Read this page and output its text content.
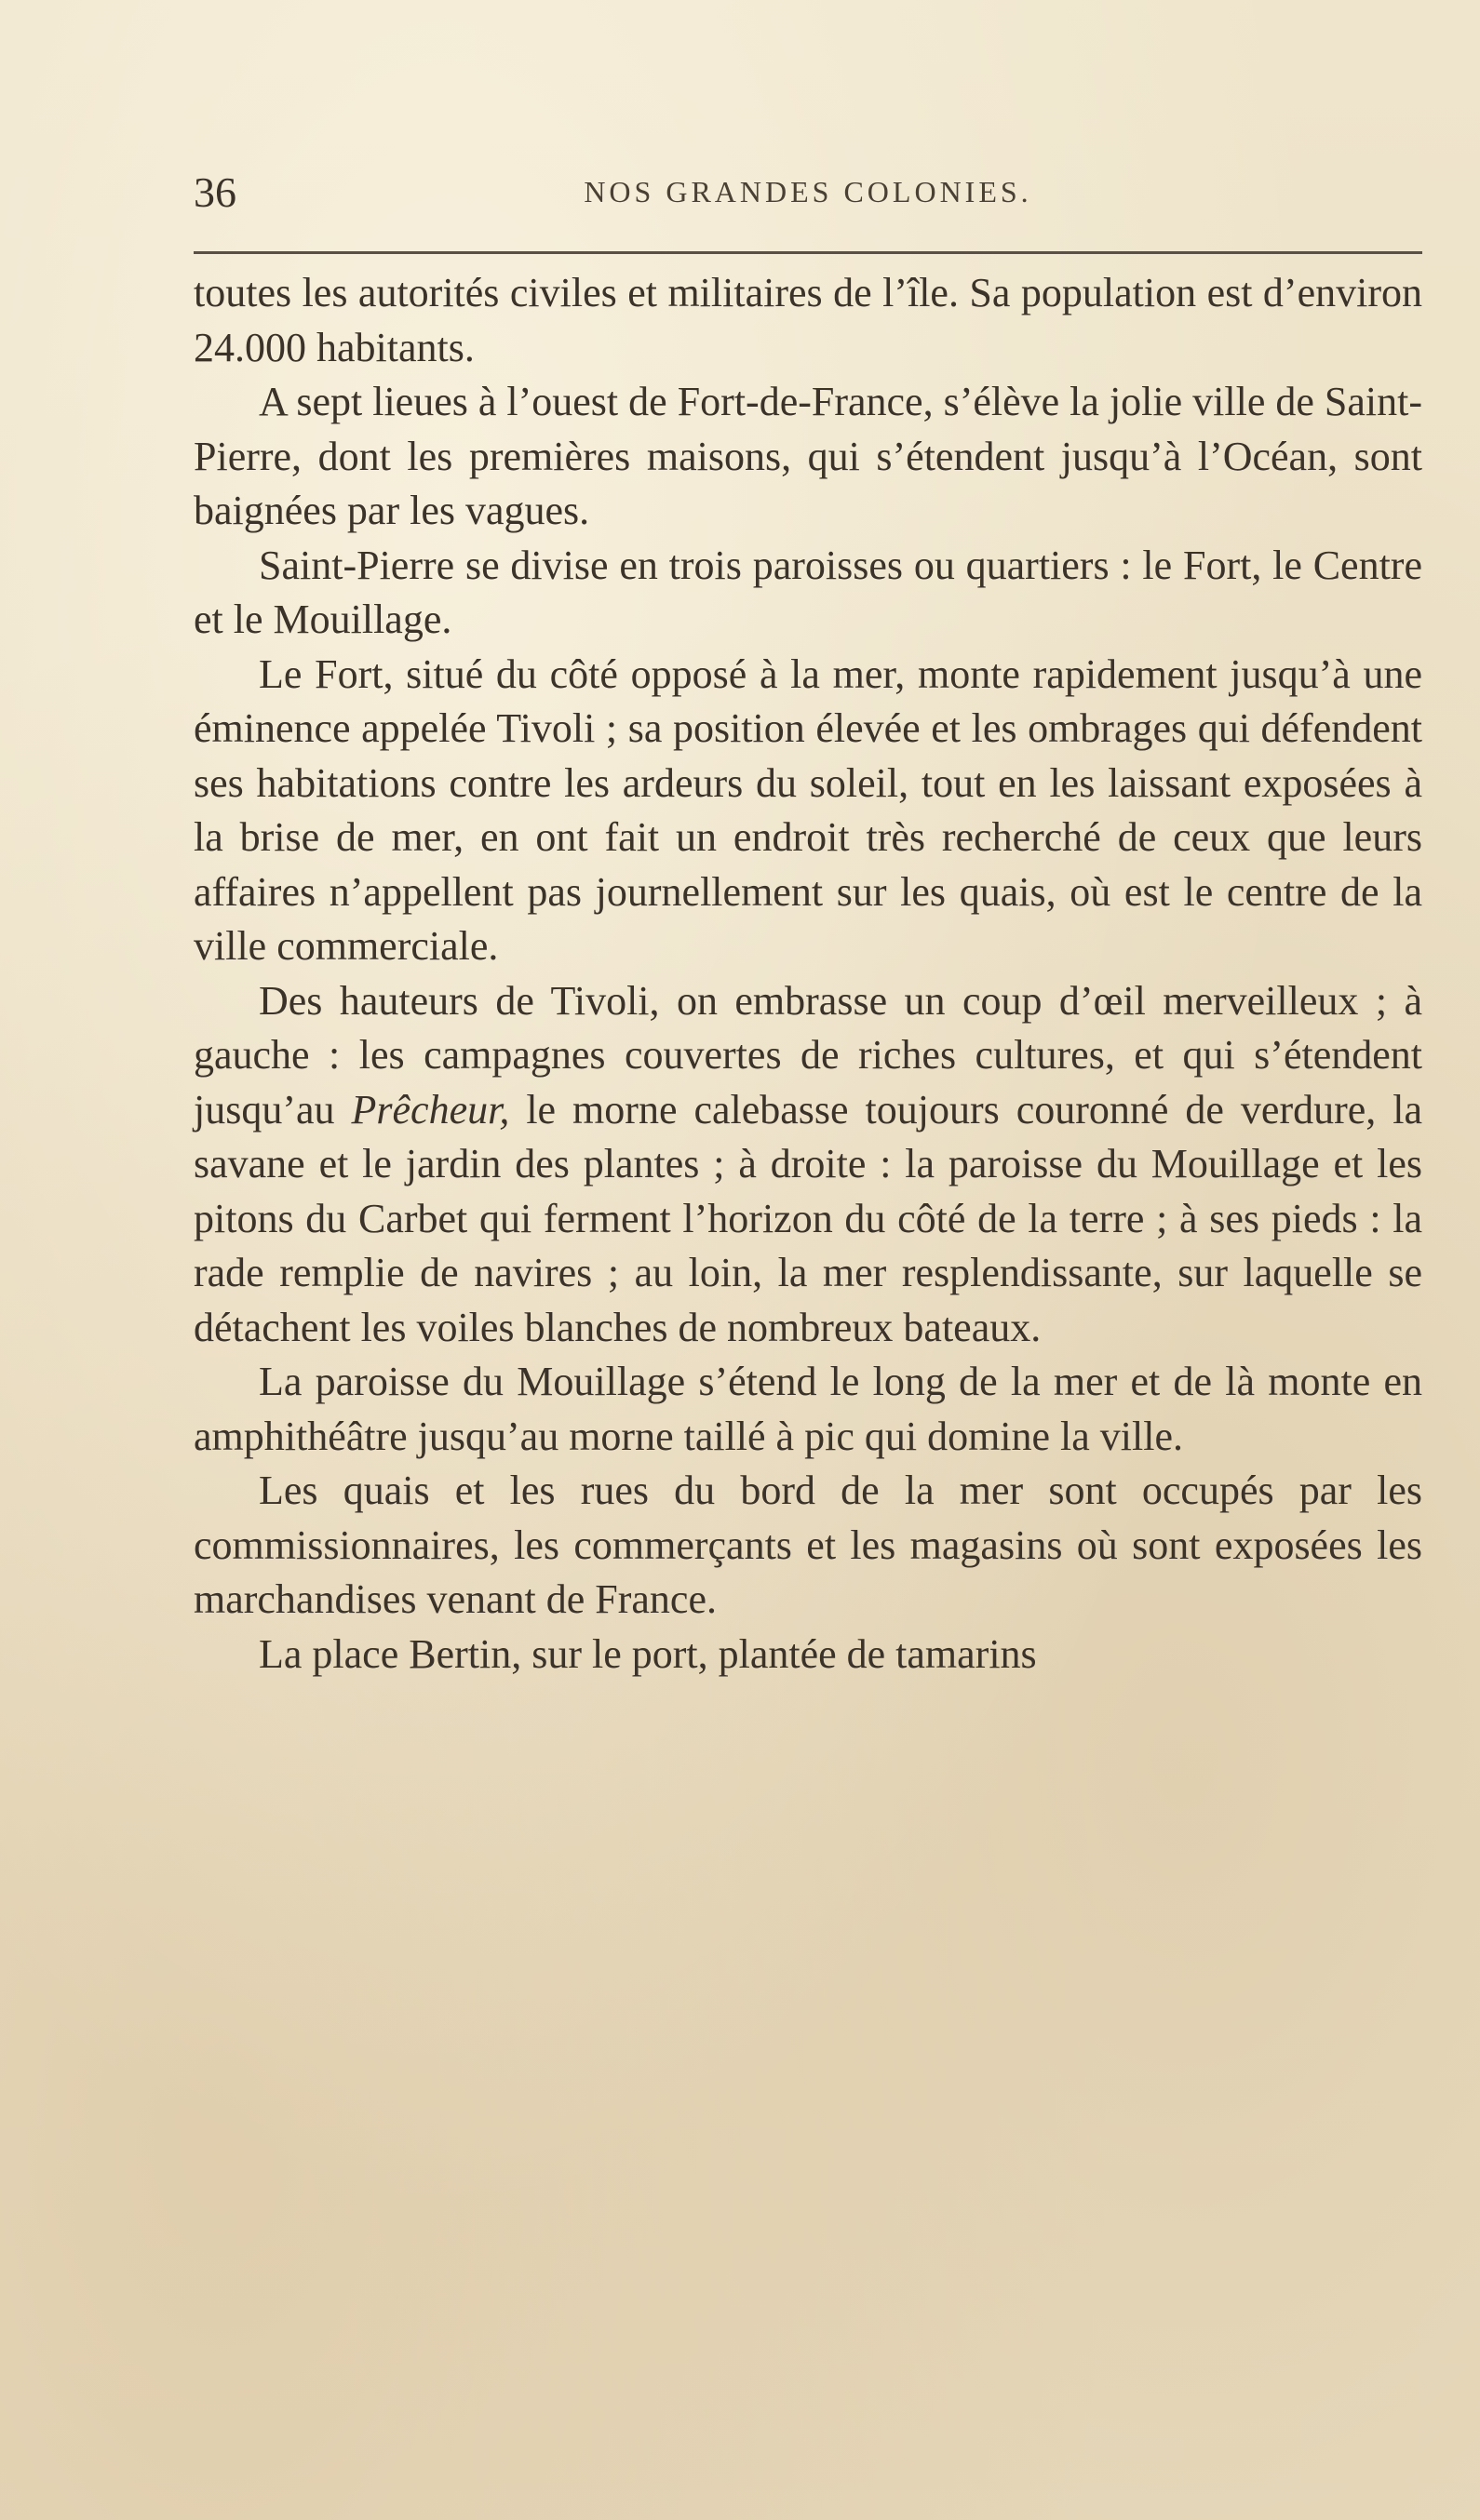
36	NOS GRANDES COLONIES.

toutes les autorités civiles et militaires de l’île. Sa population est d’environ 24.000 habitants.

A sept lieues à l’ouest de Fort-de-France, s’élève la jolie ville de Saint-Pierre, dont les premières maisons, qui s’étendent jusqu’à l’Océan, sont baignées par les vagues.

Saint-Pierre se divise en trois paroisses ou quartiers : le Fort, le Centre et le Mouillage.

Le Fort, situé du côté opposé à la mer, monte rapidement jusqu’à une éminence appelée Tivoli ; sa position élevée et les ombrages qui défendent ses habitations contre les ardeurs du soleil, tout en les laissant exposées à la brise de mer, en ont fait un endroit très recherché de ceux que leurs affaires n’appellent pas journellement sur les quais, où est le centre de la ville commerciale.

Des hauteurs de Tivoli, on embrasse un coup d’œil merveilleux ; à gauche : les campagnes couvertes de riches cultures, et qui s’étendent jusqu’au Prêcheur, le morne calebasse toujours couronné de verdure, la savane et le jardin des plantes ; à droite : la paroisse du Mouillage et les pitons du Carbet qui ferment l’horizon du côté de la terre ; à ses pieds : la rade remplie de navires ; au loin, la mer resplendissante, sur laquelle se détachent les voiles blanches de nombreux bateaux.

La paroisse du Mouillage s’étend le long de la mer et de là monte en amphithéâtre jusqu’au morne taillé à pic qui domine la ville.

Les quais et les rues du bord de la mer sont occupés par les commissionnaires, les commerçants et les magasins où sont exposées les marchandises venant de France.

La place Bertin, sur le port, plantée de tamarins
